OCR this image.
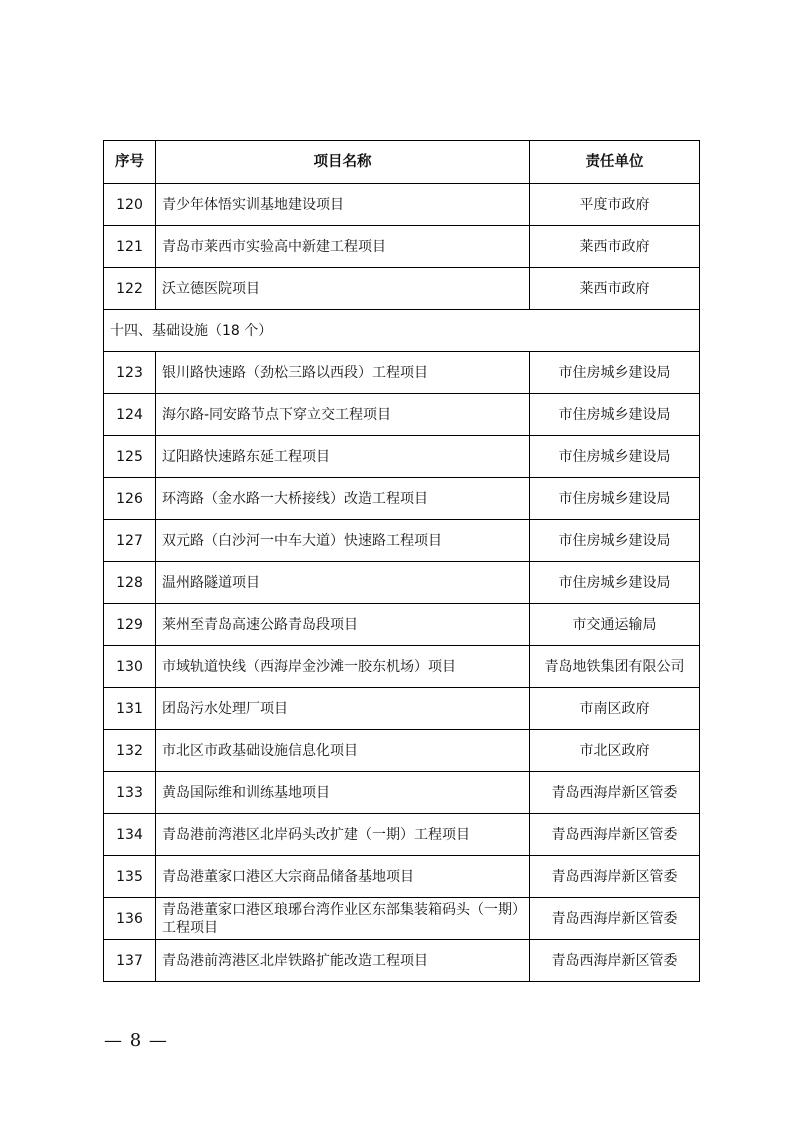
序号	项目名称	责任单位
120	青少年体悟实训基地建设项目	平度市政府
121	青岛市莱西市实验高中新建工程项目	莱西市政府
122	沃立德医院项目	莱西市政府
十四、基础设施（18 个）		
123	银川路快速路（劲松三路以西段）工程项目	市住房城乡建设局
124	海尔路-同安路节点下穿立交工程项目	市住房城乡建设局
125	辽阳路快速路东延工程项目	市住房城乡建设局
126	环湾路（金水路一大桥接线）改造工程项目	市住房城乡建设局
127	双元路（白沙河一中车大道）快速路工程项目	市住房城乡建设局
128	温州路隧道项目	市住房城乡建设局
129	莱州至青岛高速公路青岛段项目	市交通运输局
130	市域轨道快线（西海岸金沙滩一胶东机场）项目	青岛地铁集团有限公司
131	团岛污水处理厂项目	市南区政府
132	市北区市政基础设施信息化项目	市北区政府
133	黄岛国际维和训练基地项目	青岛西海岸新区管委
134	青岛港前湾港区北岸码头改扩建（一期）工程项目	青岛西海岸新区管委
135	青岛港董家口港区大宗商品储备基地项目	青岛西海岸新区管委
136	青岛港董家口港区琅琊台湾作业区东部集装箱码头（一期）工程项目	青岛西海岸新区管委
137	青岛港前湾港区北岸铁路扩能改造工程项目	青岛西海岸新区管委
— 8 —
